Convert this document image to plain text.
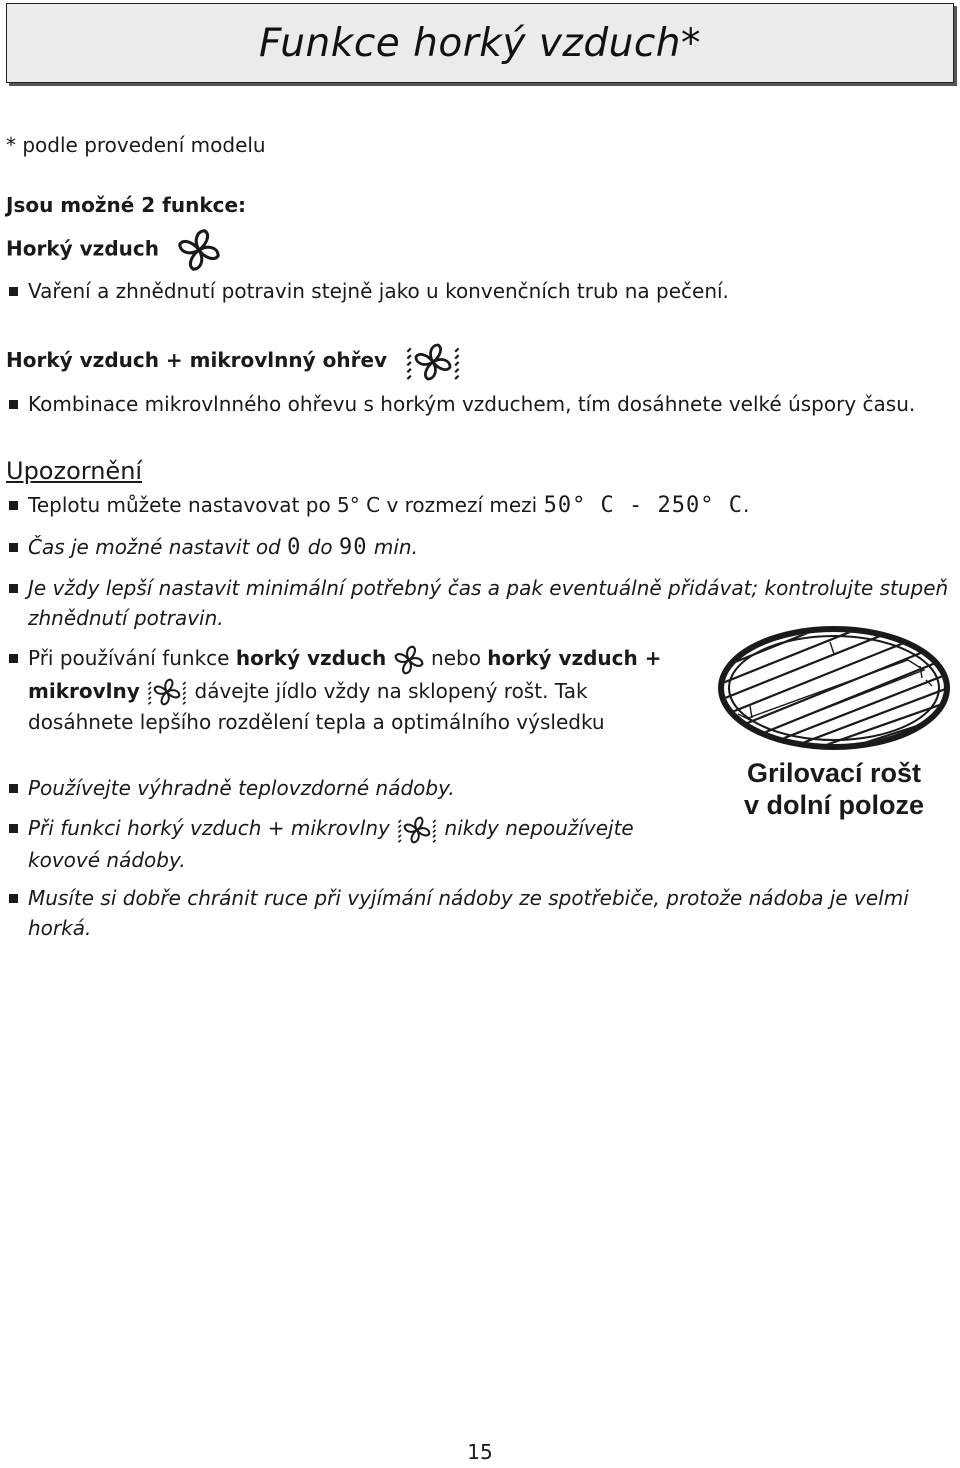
Funkce horký vzduch*
* podle provedení modelu
Jsou možné 2 funkce:
Horký vzduch
Vaření a zhnědnutí potravin stejně jako u konvenčních trub na pečení.
Horký vzduch + mikrovlnný ohřev
Kombinace mikrovlnného ohřevu s horkým vzduchem, tím dosáhnete velké úspory času.
Upozornění
Teplotu můžete nastavovat po 5° C v rozmezí mezi 50° C - 250° C.
Čas je možné nastavit od 0 do 90 min.
Je vždy lepší nastavit minimální potřebný čas a pak eventuálně přidávat; kontrolujte stupeň zhnědnutí potravin.
Při používání funkce horký vzduch nebo horký vzduch + mikrovlny	dávejte jídlo vždy na sklopený rošt. Tak dosáhnete lepšího rozdělení tepla a optimálního výsledku
Používejte výhradně teplovzdorné nádoby.
Při funkci horký vzduch + mikrovlny	nikdy nepoužívejte kovové nádoby.
Musíte si dobře chránit ruce při vyjímání nádoby ze spotřebiče, protože nádoba je velmi horká.
Grilovací rošt
v dolní poloze
15
